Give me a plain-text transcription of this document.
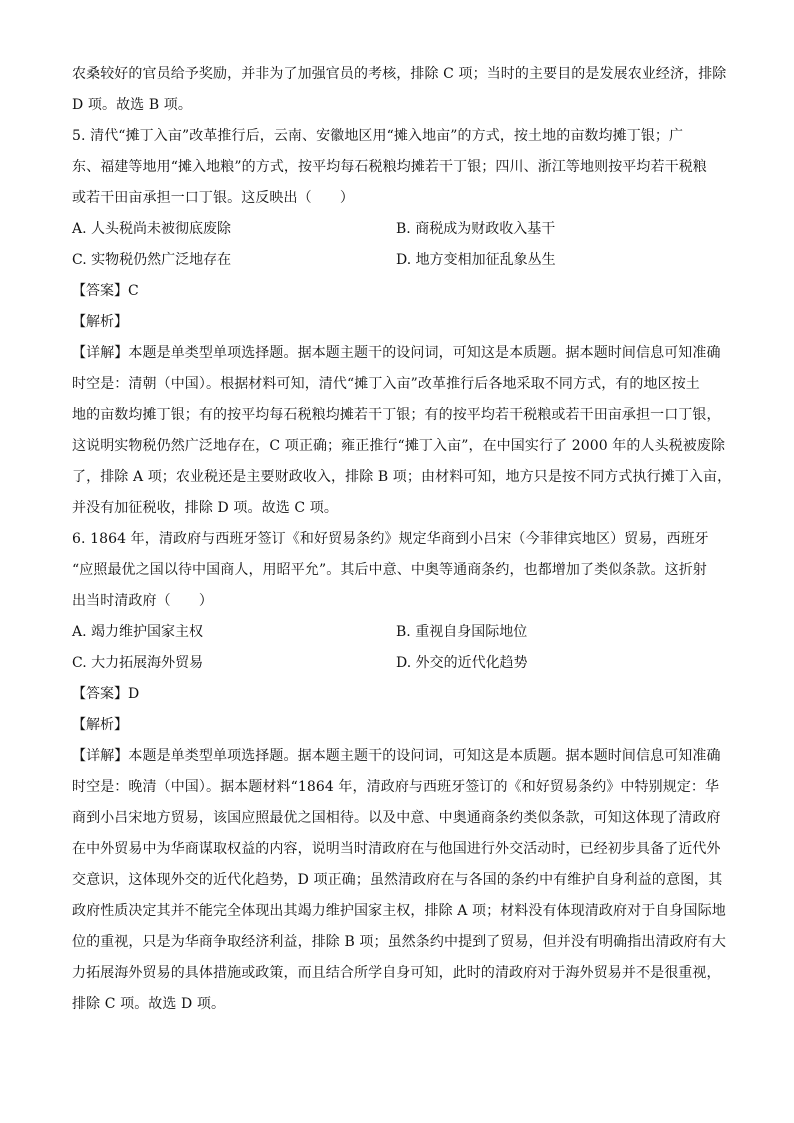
农桑较好的官员给予奖励，并非为了加强官员的考核，排除 C 项；当时的主要目的是发展农业经济，排除
D 项。故选 B 项。
5. 清代“摊丁入亩”改革推行后，云南、安徽地区用“摊入地亩”的方式，按土地的亩数均摊丁银；广
东、福建等地用“摊入地粮”的方式，按平均每石税粮均摊若干丁银；四川、浙江等地则按平均若干税粮
或若干田亩承担一口丁银。这反映出（　　）
A. 人头税尚未被彻底废除	B. 商税成为财政收入基干
C. 实物税仍然广泛地存在	D. 地方变相加征乱象丛生
【答案】C
【解析】
【详解】本题是单类型单项选择题。据本题主题干的设问词，可知这是本质题。据本题时间信息可知准确
时空是：清朝（中国）。根据材料可知，清代“摊丁入亩”改革推行后各地采取不同方式，有的地区按土
地的亩数均摊丁银；有的按平均每石税粮均摊若干丁银；有的按平均若干税粮或若干田亩承担一口丁银，
这说明实物税仍然广泛地存在，C 项正确；雍正推行“摊丁入亩”，在中国实行了 2000 年的人头税被废除
了，排除 A 项；农业税还是主要财政收入，排除 B 项；由材料可知，地方只是按不同方式执行摊丁入亩，
并没有加征税收，排除 D 项。故选 C 项。
6. 1864 年，清政府与西班牙签订《和好贸易条约》规定华商到小吕宋（今菲律宾地区）贸易，西班牙
“应照最优之国以待中国商人，用昭平允”。其后中意、中奥等通商条约，也都增加了类似条款。这折射
出当时清政府（　　）
A. 竭力维护国家主权	B. 重视自身国际地位
C. 大力拓展海外贸易	D. 外交的近代化趋势
【答案】D
【解析】
【详解】本题是单类型单项选择题。据本题主题干的设问词，可知这是本质题。据本题时间信息可知准确
时空是：晚清（中国）。据本题材料“1864 年，清政府与西班牙签订的《和好贸易条约》中特别规定：华
商到小吕宋地方贸易，该国应照最优之国相待。以及中意、中奥通商条约类似条款，可知这体现了清政府
在中外贸易中为华商谋取权益的内容，说明当时清政府在与他国进行外交活动时，已经初步具备了近代外
交意识，这体现外交的近代化趋势，D 项正确；虽然清政府在与各国的条约中有维护自身利益的意图，其
政府性质决定其并不能完全体现出其竭力维护国家主权，排除 A 项；材料没有体现清政府对于自身国际地
位的重视，只是为华商争取经济利益，排除 B 项；虽然条约中提到了贸易，但并没有明确指出清政府有大
力拓展海外贸易的具体措施或政策，而且结合所学自身可知，此时的清政府对于海外贸易并不是很重视，
排除 C 项。故选 D 项。
